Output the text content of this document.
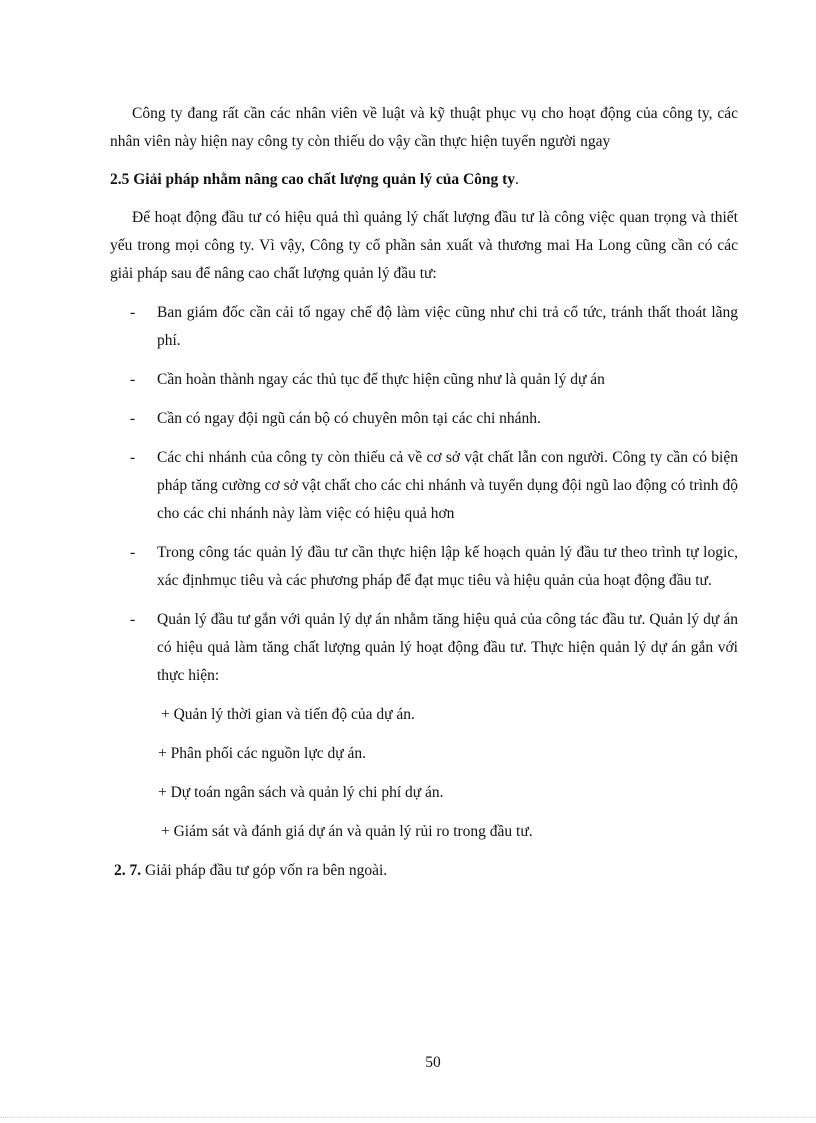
Công ty đang rất cần các nhân viên về luật và kỹ thuật phục vụ cho hoạt động của công ty, các nhân viên này hiện nay công ty còn thiếu do vậy cần thực hiện tuyển người ngay

2.5 Giải pháp nhằm nâng cao chất lượng quản lý của Công ty.

Để hoạt động đầu tư có hiệu quả thì quảng lý chất lượng đầu tư là công việc quan trọng và thiết yếu trong mọi công ty. Vì vậy, Công ty cổ phần sản xuất và thương mai Ha Long cũng cần có các giải pháp sau để nâng cao chất lượng quản lý đầu tư:

-	Ban giám đốc cần cải tổ ngay chế độ làm việc cũng như chi trả cổ tức, tránh thất thoát lãng phí.
-	Cần hoàn thành ngay các thủ tục để thực hiện cũng như là quản lý dự án
-	Cần có ngay đội ngũ cán bộ có chuyên môn tại các chi nhánh.
-	Các chi nhánh của công ty còn thiếu cả về cơ sở vật chất lẫn con người. Công ty cần có biện pháp tăng cường cơ sở vật chất cho các chi nhánh và tuyển dụng đội ngũ lao động có trình độ cho các chi nhánh này làm việc có hiệu quả hơn
-	Trong công tác quản lý đầu tư cần thực hiện lập kế hoạch quản lý đầu tư theo trình tự logic, xác địnhmục tiêu và các phương pháp để đạt mục tiêu và hiệu quản của hoạt động đầu tư.
-	Quản lý đầu tư gắn với quản lý dự án nhằm tăng hiệu quả của công tác đầu tư. Quản lý dự án có hiệu quả làm tăng chất lượng quản lý hoạt động đầu tư. Thực hiện quản lý dự án gắn với thực hiện:
+ Quản lý thời gian và tiến độ của dự án.
+ Phân phối các nguồn lực dự án.
+ Dự toán ngân sách và quản lý chi phí dự án.
+ Giám sát và đánh giá dự án và quản lý rủi ro trong đầu tư.

2. 7. Giải pháp đầu tư góp vốn ra bên ngoài.

50
